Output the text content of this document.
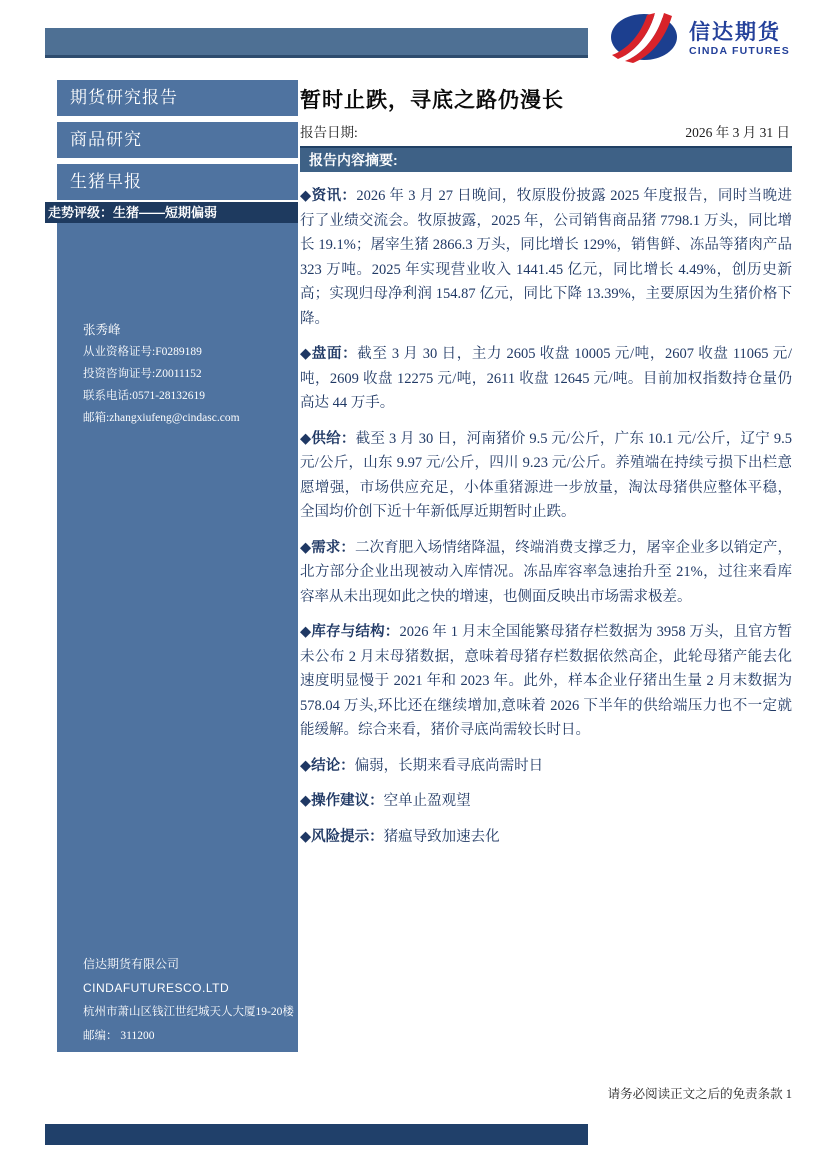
信达期货
CINDA FUTURES
期货研究报告
商品研究
生猪早报
走势评级：生猪——短期偏弱
张秀峰
从业资格证号:F0289189
投资咨询证号:Z0011152
联系电话:0571-28132619
邮箱:zhangxiufeng@cindasc.com
信达期货有限公司
CINDAFUTURESCO.LTD
杭州市萧山区钱江世纪城天人大厦19-20楼
邮编： 311200
暂时止跌，寻底之路仍漫长
报告日期:	2026 年 3 月 31 日
报告内容摘要:

◆资讯：2026 年 3 月 27 日晚间，牧原股份披露 2025 年度报告，同时当晚进行了业绩交流会。牧原披露，2025 年，公司销售商品猪 7798.1 万头，同比增长 19.1%；屠宰生猪 2866.3 万头，同比增长 129%，销售鲜、冻品等猪肉产品 323 万吨。2025 年实现营业收入 1441.45 亿元，同比增长 4.49%，创历史新高；实现归母净利润 154.87 亿元，同比下降 13.39%，主要原因为生猪价格下降。

◆盘面：截至 3 月 30 日，主力 2605 收盘 10005 元/吨，2607 收盘 11065 元/吨，2609 收盘 12275 元/吨，2611 收盘 12645 元/吨。目前加权指数持仓量仍高达 44 万手。

◆供给：截至 3 月 30 日，河南猪价 9.5 元/公斤，广东 10.1 元/公斤，辽宁 9.5 元/公斤，山东 9.97 元/公斤，四川 9.23 元/公斤。养殖端在持续亏损下出栏意愿增强，市场供应充足，小体重猪源进一步放量，淘汰母猪供应整体平稳，全国均价创下近十年新低厚近期暂时止跌。

◆需求：二次育肥入场情绪降温，终端消费支撑乏力，屠宰企业多以销定产，北方部分企业出现被动入库情况。冻品库容率急速抬升至 21%，过往来看库容率从未出现如此之快的增速，也侧面反映出市场需求极差。

◆库存与结构：2026 年 1 月末全国能繁母猪存栏数据为 3958 万头，且官方暂未公布 2 月末母猪数据，意味着母猪存栏数据依然高企，此轮母猪产能去化速度明显慢于 2021 年和 2023 年。此外，样本企业仔猪出生量 2 月末数据为 578.04 万头,环比还在继续增加,意味着 2026 下半年的供给端压力也不一定就能缓解。综合来看，猪价寻底尚需较长时日。

◆结论：偏弱，长期来看寻底尚需时日

◆操作建议：空单止盈观望

◆风险提示：猪瘟导致加速去化

请务必阅读正文之后的免责条款 1
